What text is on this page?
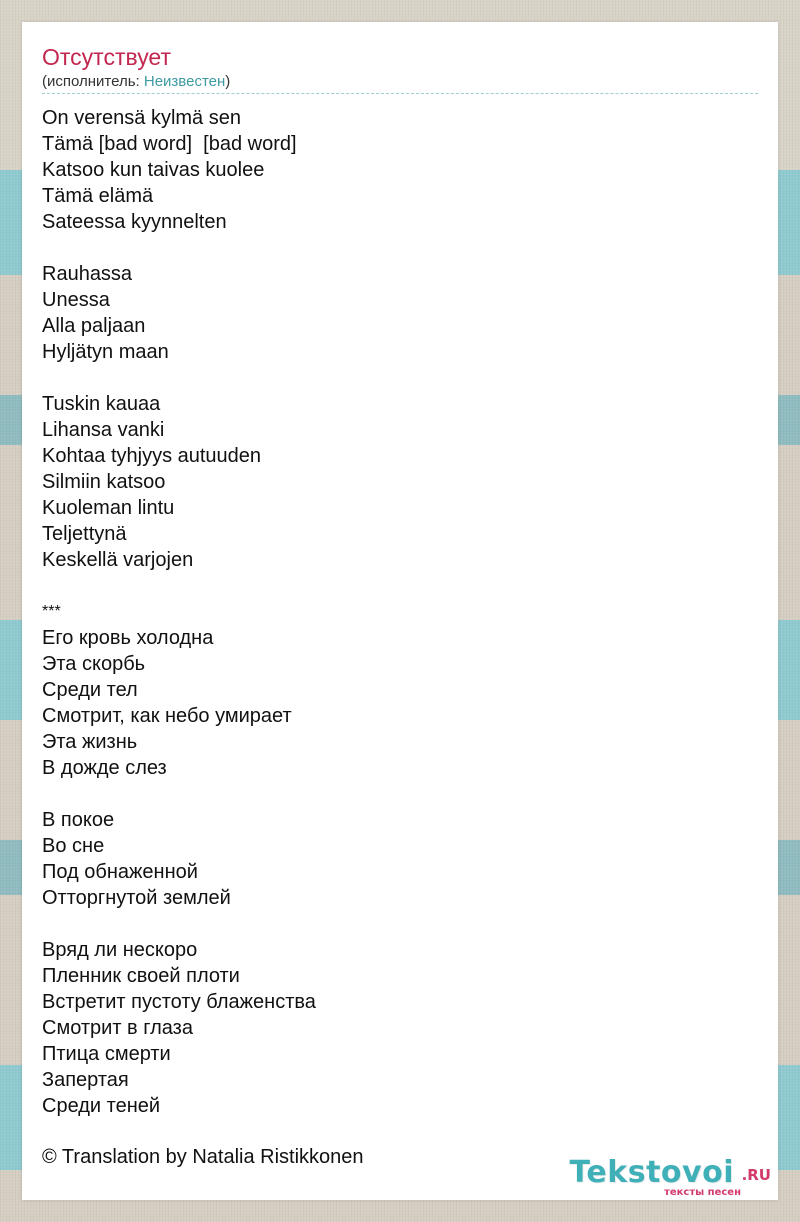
Отсутствует
(исполнитель: Неизвестен)
On verensä kylmä sen
Tämä [bad word]  [bad word]
Katsoo kun taivas kuolee
Tämä elämä
Sateessa kyynnelten
Rauhassa
Unessa
Alla paljaan
Hyljätyn maan
Tuskin kauaa
Lihansa vanki
Kohtaa tyhjyys autuuden
Silmiin katsoo
Kuoleman lintu
Teljettynä
Keskellä varjojen
***
Его кровь холодна
Эта скорбь
Среди тел
Смотрит, как небо умирает
Эта жизнь
В дожде слез
В покое
Во сне
Под обнаженной
Отторгнутой землей
Вряд ли нескоро
Пленник своей плоти
Встретит пустоту блаженства
Смотрит в глаза
Птица смерти
Запертая
Среди теней
© Translation by Natalia Ristikkonen	Tekstovoi .RU
тексты песен
